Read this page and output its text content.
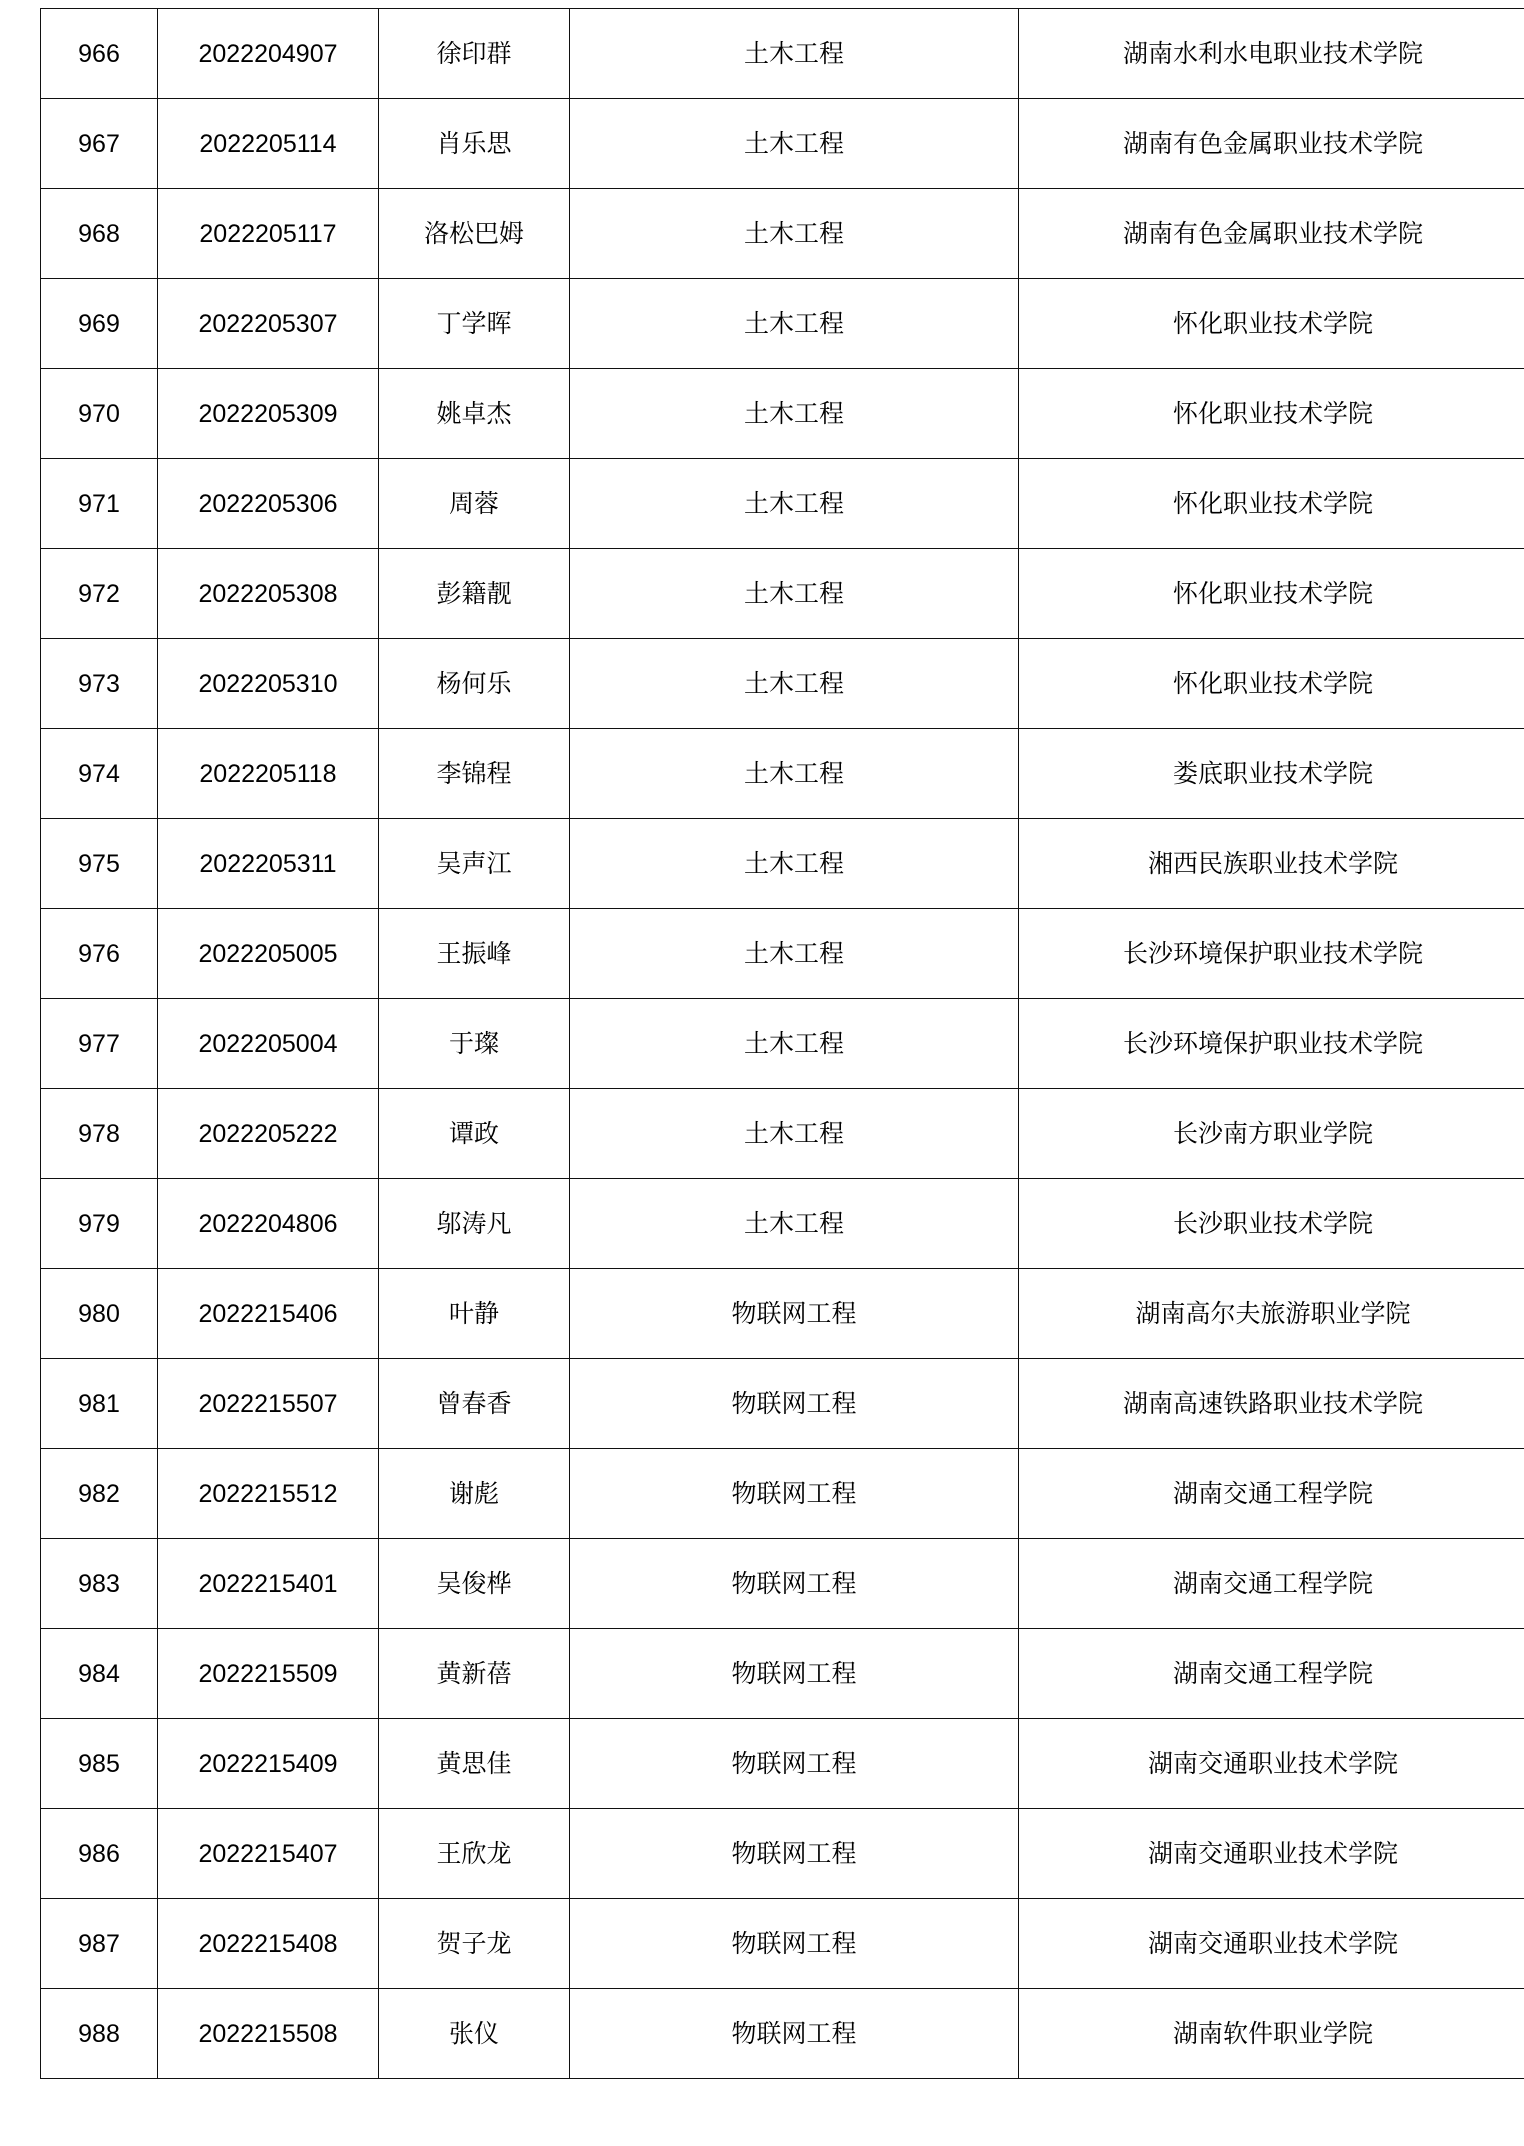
966	2022204907	徐印群	土木工程	湖南水利水电职业技术学院
967	2022205114	肖乐思	土木工程	湖南有色金属职业技术学院
968	2022205117	洛松巴姆	土木工程	湖南有色金属职业技术学院
969	2022205307	丁学晖	土木工程	怀化职业技术学院
970	2022205309	姚卓杰	土木工程	怀化职业技术学院
971	2022205306	周蓉	土木工程	怀化职业技术学院
972	2022205308	彭籍靓	土木工程	怀化职业技术学院
973	2022205310	杨何乐	土木工程	怀化职业技术学院
974	2022205118	李锦程	土木工程	娄底职业技术学院
975	2022205311	吴声江	土木工程	湘西民族职业技术学院
976	2022205005	王振峰	土木工程	长沙环境保护职业技术学院
977	2022205004	于璨	土木工程	长沙环境保护职业技术学院
978	2022205222	谭政	土木工程	长沙南方职业学院
979	2022204806	邬涛凡	土木工程	长沙职业技术学院
980	2022215406	叶静	物联网工程	湖南高尔夫旅游职业学院
981	2022215507	曾春香	物联网工程	湖南高速铁路职业技术学院
982	2022215512	谢彪	物联网工程	湖南交通工程学院
983	2022215401	吴俊桦	物联网工程	湖南交通工程学院
984	2022215509	黄新蓓	物联网工程	湖南交通工程学院
985	2022215409	黄思佳	物联网工程	湖南交通职业技术学院
986	2022215407	王欣龙	物联网工程	湖南交通职业技术学院
987	2022215408	贺子龙	物联网工程	湖南交通职业技术学院
988	2022215508	张仪	物联网工程	湖南软件职业学院
